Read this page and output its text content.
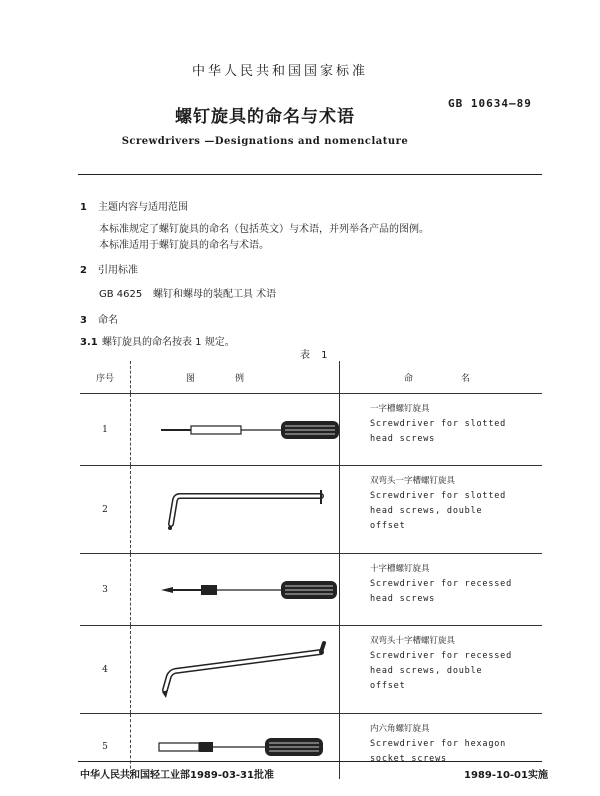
中华人民共和国国家标准
GB 10634—89
螺钉旋具的命名与术语
Screwdrivers —Designations and nomenclature
1 主题内容与适用范围
本标准规定了螺钉旋具的命名（包括英文）与术语，并列举各产品的图例。
本标准适用于螺钉旋具的命名与术语。
2 引用标准
GB 4625 螺钉和螺母的装配工具 术语
3 命名
3.1 螺钉旋具的命名按表 1 规定。
表 1
序号	图例	命名
1		一字槽螺钉旋具
Screwdriver for slotted
head screws

2		双弯头一字槽螺钉旋具
Screwdriver for slotted
head screws, double
offset

3		十字槽螺钉旋具
Screwdriver for recessed
head screws

4		双弯头十字槽螺钉旋具
Screwdriver for recessed
head screws, double
offset

5		内六角螺钉旋具
Screwdriver for hexagon
socket screws
中华人民共和国轻工业部1989-03-31批准	1989-10-01实施
